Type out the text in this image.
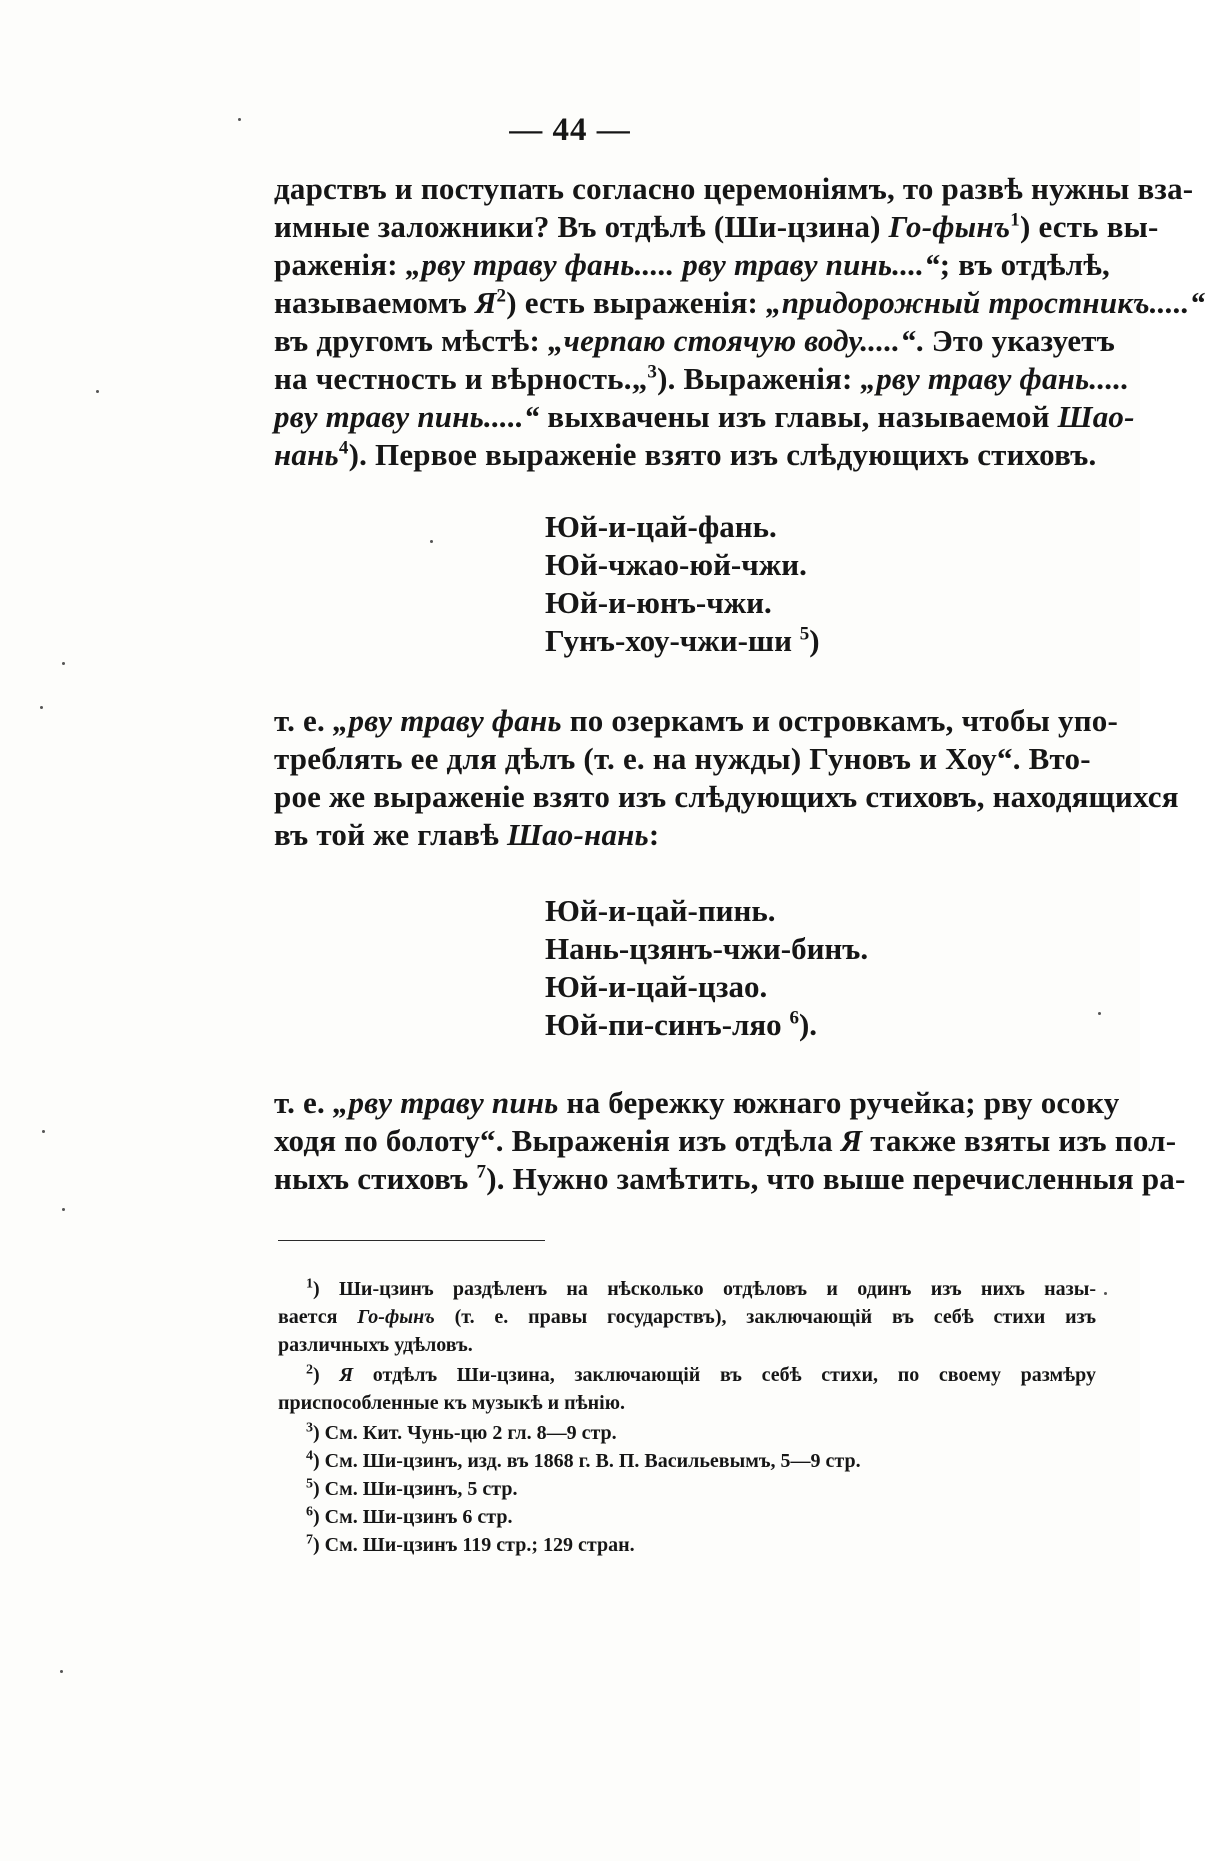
— 44 —
дарствъ и поступать согласно церемоніямъ, то развѣ нужны вза-
имные заложники? Въ отдѣлѣ (Ши-цзина) Го-фынъ$^1$) есть вы-
раженія: „рву траву фань..... рву траву пинь....“; въ отдѣлѣ,
называемомъ $Я^2$) есть выраженія: „придорожный тростникъ.....“
въ другомъ мѣстѣ: „черпаю стоячую воду.....“. Это указуетъ
на честность и вѣрность.„$^3$). Выраженія: „рву траву фань.....
рву траву пинь.....“ выхвачены изъ главы, называемой Шао-
нань$^4$). Первое выраженіе взято изъ слѣдующихъ стиховъ.
Юй-и-цай-фань.
Юй-чжао-юй-чжи.
Юй-и-юнъ-чжи.
Гунъ-хоу-чжи-ши $^5$)
т. е. „рву траву фань по озеркамъ и островкамъ, чтобы упо-
треблять ее для дѣлъ (т. е. на нужды) Гуновъ и Хоу“. Вто-
рое же выраженіе взято изъ слѣдующихъ стиховъ, находящихся
въ той же главѣ Шао-нань:
Юй-и-цай-пинь.
Нань-цзянъ-чжи-бинъ.
Юй-и-цай-цзао.
Юй-пи-синъ-ляо $^6$).
т. е. „рву траву пинь на бережку южнаго ручейка; рву осоку
ходя по болоту“. Выраженія изъ отдѣла Я также взяты изъ пол-
ныхъ стиховъ $^7$). Нужно замѣтить, что выше перечисленныя ра-
$^1$) Ши-цзинъ раздѣленъ на нѣсколько отдѣловъ и одинъ изъ нихъ назы-
вается Го-фынъ (т. е. правы государствъ), заключающій въ себѣ стихи изъ
различныхъ удѣловъ.
$^2$) Я отдѣлъ Ши-цзина, заключающій въ себѣ стихи, по своему размѣру
приспособленные къ музыкѣ и пѣнію.
$^3$) См. Кит. Чунь-цю 2 гл. 8—9 стр.
$^4$) См. Ши-цзинъ, изд. въ 1868 г. В. П. Васильевымъ, 5—9 стр.
$^5$) См. Ши-цзинъ, 5 стр.
$^6$) См. Ши-цзинъ 6 стр.
$^7$) См. Ши-цзинъ 119 стр.; 129 стран.
